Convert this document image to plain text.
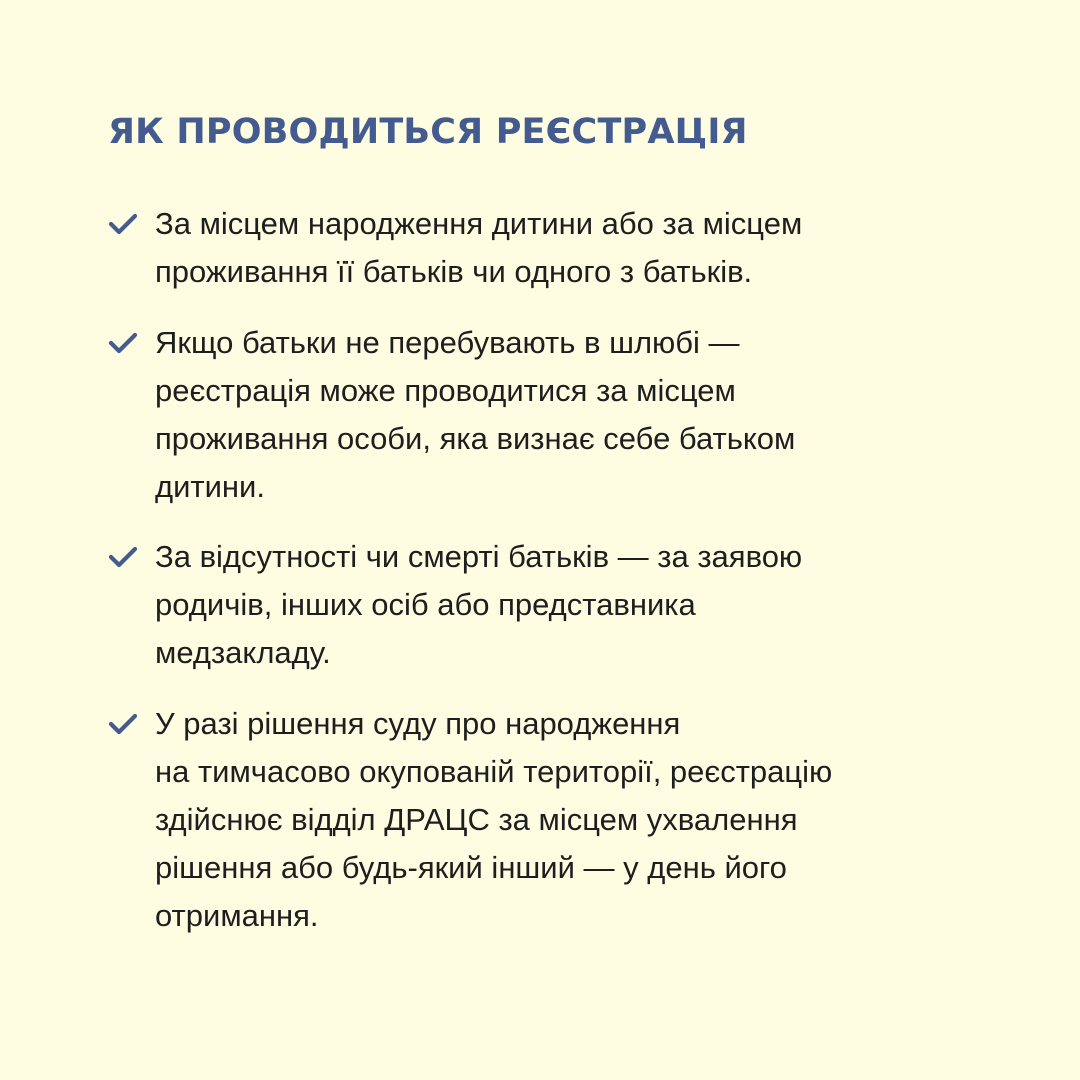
ЯК ПРОВОДИТЬСЯ РЕЄСТРАЦІЯ

За місцем народження дитини або за місцем
проживання її батьків чи одного з батьків.

Якщо батьки не перебувають в шлюбі —
реєстрація може проводитися за місцем
проживання особи, яка визнає себе батьком
дитини.

За відсутності чи смерті батьків — за заявою
родичів, інших осіб або представника
медзакладу.

У разі рішення суду про народження
на тимчасово окупованій території, реєстрацію
здійснює відділ ДРАЦС за місцем ухвалення
рішення або будь-який інший — у день його
отримання.
